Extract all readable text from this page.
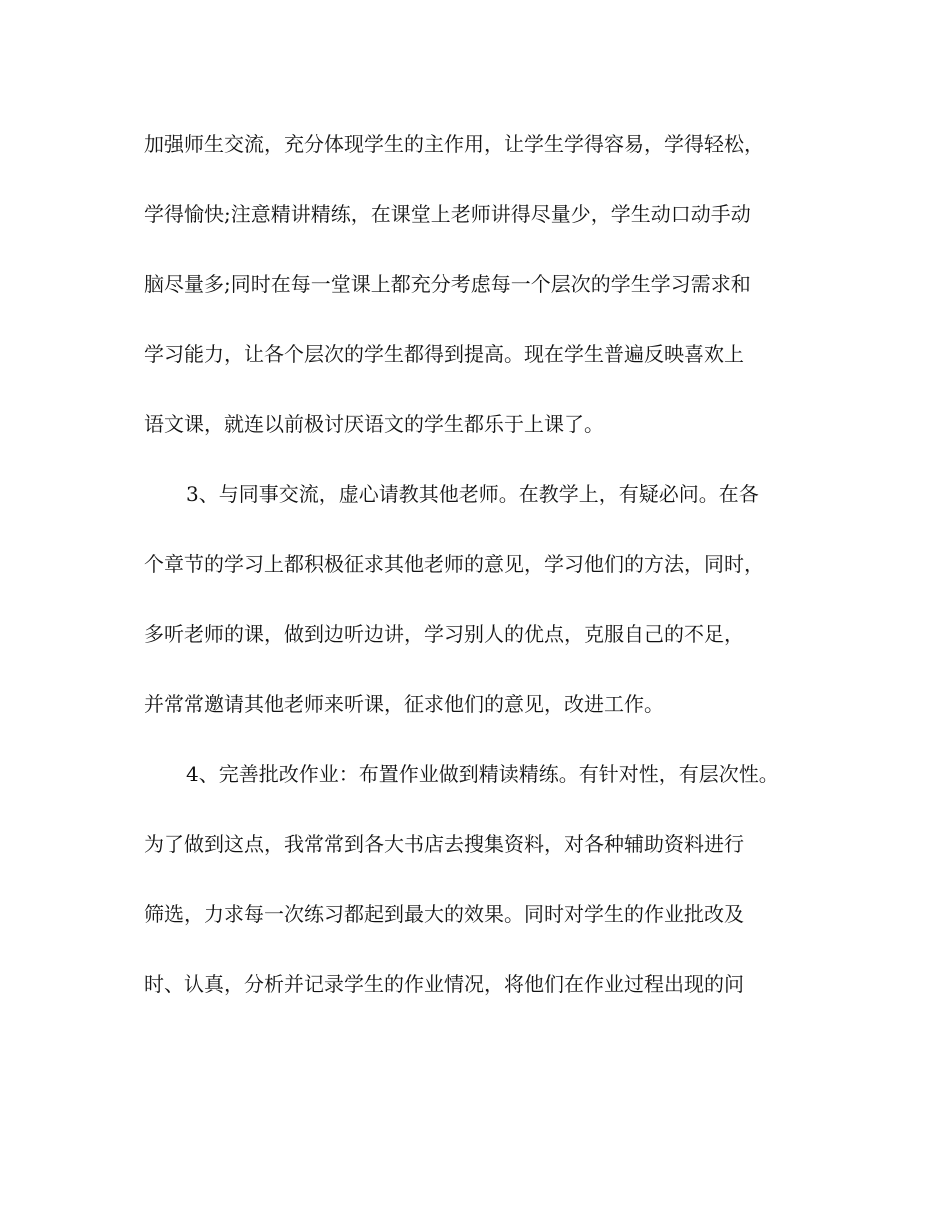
加强师生交流，充分体现学生的主作用，让学生学得容易，学得轻松，
学得愉快;注意精讲精练，在课堂上老师讲得尽量少，学生动口动手动
脑尽量多;同时在每一堂课上都充分考虑每一个层次的学生学习需求和
学习能力，让各个层次的学生都得到提高。现在学生普遍反映喜欢上
语文课，就连以前极讨厌语文的学生都乐于上课了。
3、与同事交流，虚心请教其他老师。在教学上，有疑必问。在各
个章节的学习上都积极征求其他老师的意见，学习他们的方法，同时，
多听老师的课，做到边听边讲，学习别人的优点，克服自己的不足，
并常常邀请其他老师来听课，征求他们的意见，改进工作。
4、完善批改作业：布置作业做到精读精练。有针对性，有层次性。
为了做到这点，我常常到各大书店去搜集资料，对各种辅助资料进行
筛选，力求每一次练习都起到最大的效果。同时对学生的作业批改及
时、认真，分析并记录学生的作业情况，将他们在作业过程出现的问
